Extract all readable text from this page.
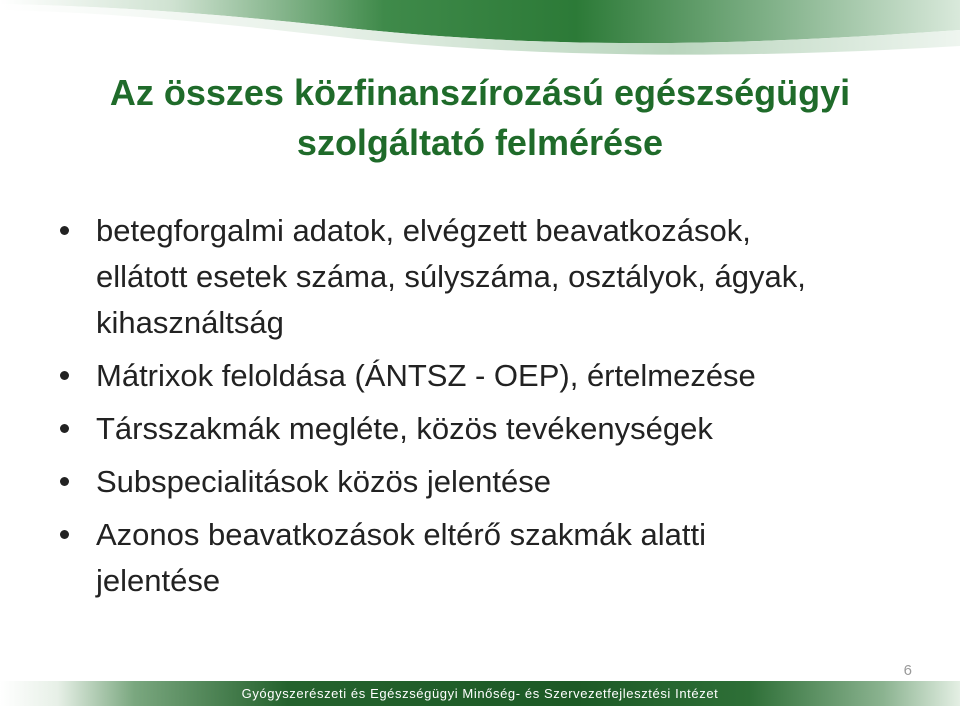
Az összes közfinanszírozású egészségügyi
szolgáltató felmérése
betegforgalmi adatok, elvégzett beavatkozások,
ellátott esetek száma, súlyszáma, osztályok, ágyak,
kihasználtság
Mátrixok feloldása (ÁNTSZ - OEP), értelmezése
Társszakmák megléte, közös tevékenységek
Subspecialitások közös jelentése
Azonos beavatkozások eltérő szakmák alatti
jelentése
6
Gyógyszerészeti és Egészségügyi Minőség- és Szervezetfejlesztési Intézet
